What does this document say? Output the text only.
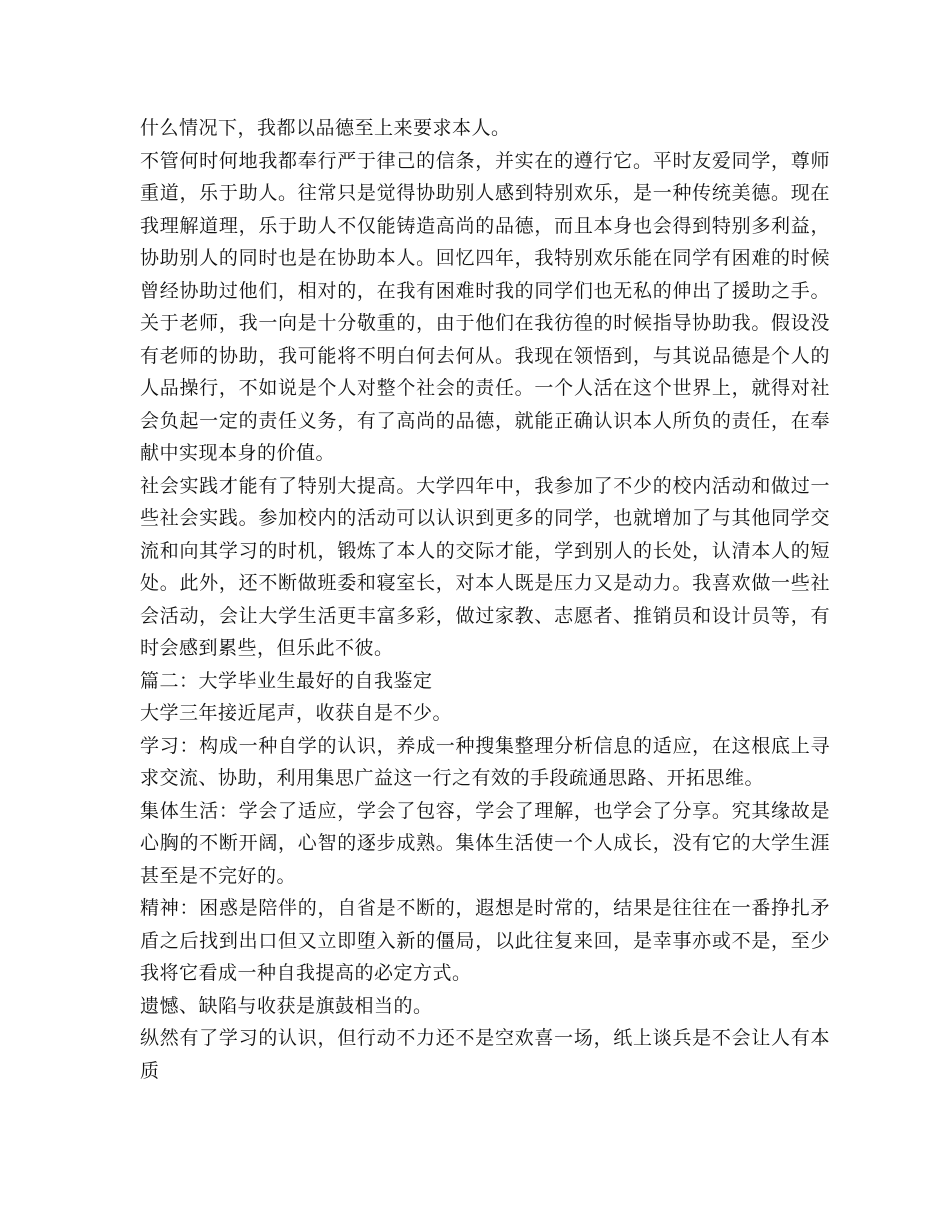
什么情况下，我都以品德至上来要求本人。

不管何时何地我都奉行严于律己的信条，并实在的遵行它。平时友爱同学，尊师重道，乐于助人。往常只是觉得协助别人感到特别欢乐，是一种传统美德。现在我理解道理，乐于助人不仅能铸造高尚的品德，而且本身也会得到特别多利益，协助别人的同时也是在协助本人。回忆四年，我特别欢乐能在同学有困难的时候曾经协助过他们，相对的，在我有困难时我的同学们也无私的伸出了援助之手。关于老师，我一向是十分敬重的，由于他们在我彷徨的时候指导协助我。假设没有老师的协助，我可能将不明白何去何从。我现在领悟到，与其说品德是个人的人品操行，不如说是个人对整个社会的责任。一个人活在这个世界上，就得对社会负起一定的责任义务，有了高尚的品德，就能正确认识本人所负的责任，在奉献中实现本身的价值。

社会实践才能有了特别大提高。大学四年中，我参加了不少的校内活动和做过一些社会实践。参加校内的活动可以认识到更多的同学，也就增加了与其他同学交流和向其学习的时机，锻炼了本人的交际才能，学到别人的长处，认清本人的短处。此外，还不断做班委和寝室长，对本人既是压力又是动力。我喜欢做一些社会活动，会让大学生活更丰富多彩，做过家教、志愿者、推销员和设计员等，有时会感到累些，但乐此不彼。

篇二：大学毕业生最好的自我鉴定

大学三年接近尾声，收获自是不少。

学习：构成一种自学的认识，养成一种搜集整理分析信息的适应，在这根底上寻求交流、协助，利用集思广益这一行之有效的手段疏通思路、开拓思维。

集体生活：学会了适应，学会了包容，学会了理解，也学会了分享。究其缘故是心胸的不断开阔，心智的逐步成熟。集体生活使一个人成长，没有它的大学生涯甚至是不完好的。

精神：困惑是陪伴的，自省是不断的，遐想是时常的，结果是往往在一番挣扎矛盾之后找到出口但又立即堕入新的僵局，以此往复来回，是幸事亦或不是，至少我将它看成一种自我提高的必定方式。

遗憾、缺陷与收获是旗鼓相当的。

纵然有了学习的认识，但行动不力还不是空欢喜一场，纸上谈兵是不会让人有本质
